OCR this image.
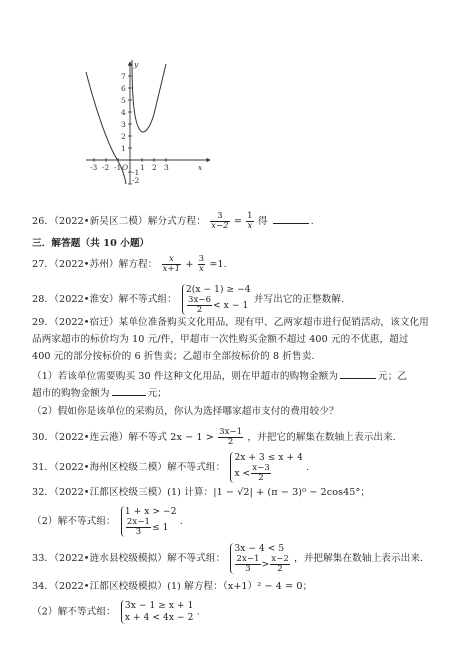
-3 -2 -1 1 2 3
7
6
5
4
3
2
1
-1
-2
O	x
y
26．（2022•新吴区二模）解分式方程： $\frac{3}{x-2} = \frac{1}{x}$ 得	.
三．解答题（共 10 小题）
27．（2022•苏州）解方程： $\frac{x}{x+1} + \frac{3}{x} =1$.
28．（2022•淮安）解不等式组：
2(x − 1) ≥ −4
$\frac{3x-6}{2} < x - 1$
并写出它的正整数解.
29．（2022•宿迁）某单位准备购买文化用品，现有甲、乙两家超市进行促销活动，该文化用
品两家超市的标价均为 10 元/件，甲超市一次性购买金额不超过 400 元的不优惠，超过
400 元的部分按标价的 6 折售卖；乙超市全部按标价的 8 折售卖.
（1）若该单位需要购买 30 件这种文化用品，则在甲超市的购物金额为	元；乙
超市的购物金额为	元；
（2）假如你是该单位的采购员，你认为选择哪家超市支付的费用较少？
30．（2022•连云港）解不等式 $2x - 1 > \frac{3x-1}{2}$ ，并把它的解集在数轴上表示出来.
31．（2022•海州区校级二模）解不等式组：
2x + 3 ≤ x + 4
$x < \frac{x-3}{2}$	.
32．（2022•江都区校级三模）(1) 计算：|1 − √2| + (π − 3)⁰ − 2cos45°；
（2）解不等式组：
1 + x > −2
$\frac{2x-1}{3} \le 1$
.
33．（2022•涟水县校级模拟）解不等式组：
3x − 4 < 5
$\frac{2x-1}{3} > \frac{x-2}{2}$ ，并把解集在数轴上表示出来.
34．（2022•江都区校级模拟）(1) 解方程：（x+1）² − 4 = 0；
（2）解不等式组：
3x − 1 ≥ x + 1
x + 4 < 4x − 2
.
